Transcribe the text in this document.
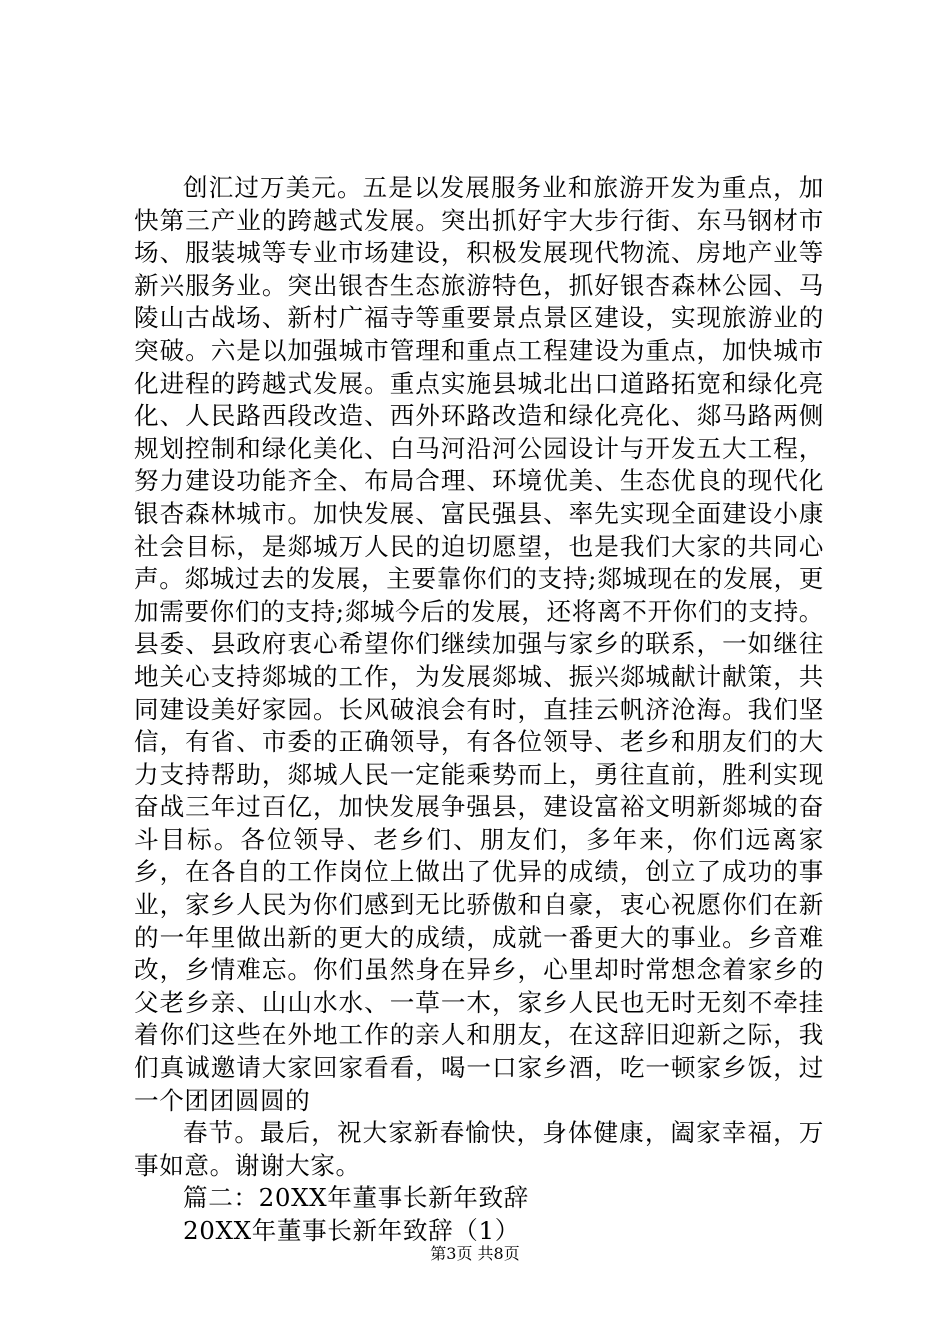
创汇过万美元。五是以发展服务业和旅游开发为重点，加快第三产业的跨越式发展。突出抓好宇大步行街、东马钢材市场、服装城等专业市场建设，积极发展现代物流、房地产业等新兴服务业。突出银杏生态旅游特色，抓好银杏森林公园、马陵山古战场、新村广福寺等重要景点景区建设，实现旅游业的突破。六是以加强城市管理和重点工程建设为重点，加快城市化进程的跨越式发展。重点实施县城北出口道路拓宽和绿化亮化、人民路西段改造、西外环路改造和绿化亮化、郯马路两侧规划控制和绿化美化、白马河沿河公园设计与开发五大工程，努力建设功能齐全、布局合理、环境优美、生态优良的现代化银杏森林城市。加快发展、富民强县、率先实现全面建设小康社会目标，是郯城万人民的迫切愿望，也是我们大家的共同心声。郯城过去的发展，主要靠你们的支持;郯城现在的发展，更加需要你们的支持;郯城今后的发展，还将离不开你们的支持。县委、县政府衷心希望你们继续加强与家乡的联系，一如继往地关心支持郯城的工作，为发展郯城、振兴郯城献计献策，共同建设美好家园。长风破浪会有时，直挂云帆济沧海。我们坚信，有省、市委的正确领导，有各位领导、老乡和朋友们的大力支持帮助，郯城人民一定能乘势而上，勇往直前，胜利实现奋战三年过百亿，加快发展争强县，建设富裕文明新郯城的奋斗目标。各位领导、老乡们、朋友们，多年来，你们远离家乡，在各自的工作岗位上做出了优异的成绩，创立了成功的事业，家乡人民为你们感到无比骄傲和自豪，衷心祝愿你们在新的一年里做出新的更大的成绩，成就一番更大的事业。乡音难改，乡情难忘。你们虽然身在异乡，心里却时常想念着家乡的父老乡亲、山山水水、一草一木，家乡人民也无时无刻不牵挂着你们这些在外地工作的亲人和朋友，在这辞旧迎新之际，我们真诚邀请大家回家看看，喝一口家乡酒，吃一顿家乡饭，过一个团团圆圆的

春节。最后，祝大家新春愉快，身体健康，阖家幸福，万事如意。谢谢大家。

篇二：20XX年董事长新年致辞

20XX年董事长新年致辞（1）

第3页 共8页
